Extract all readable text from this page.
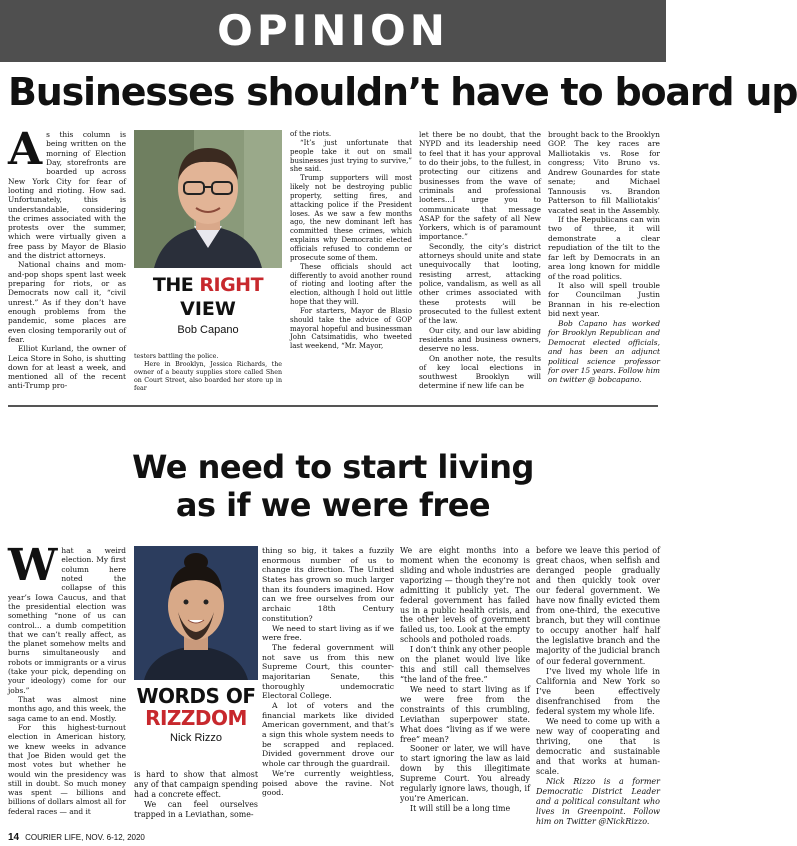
OPINION
Businesses shouldn’t have to board up

As this column is being written on the morning of Election Day, storefronts are boarded up across New York City for fear of looting and rioting. How sad. Unfortunately, this is understandable, considering the crimes associated with the protests over the summer, which were virtually given a free pass by Mayor de Blasio and the district attorneys.

National chains and mom-and-pop shops spent last week preparing for riots, or as Democrats now call it, “civil unrest.” As if they don’t have enough problems from the pandemic, some places are even closing temporarily out of fear.

Elliot Kurland, the owner of Leica Store in Soho, is shutting down for at least a week, and mentioned all of the recent anti-Trump pro-

THE RIGHT
VIEW
Bob Capano

of the riots.

“It’s just unfortunate that people take it out on small businesses just trying to survive,” she said.

Trump supporters will most likely not be destroying public property, setting fires, and attacking police if the President loses. As we saw a few months ago, the new dominant left has committed these crimes, which explains why Democratic elected officials refused to condemn or prosecute some of them.

These officials should act differently to avoid another round of rioting and looting after the election, although I hold out little hope that they will.

For starters, Mayor de Blasio should take the advice of GOP mayoral hopeful and businessman John Catsimatidis, who tweeted last weekend, “Mr. Mayor,

let there be no doubt, that the NYPD and its leadership need to feel that it has your approval to do their jobs, to the fullest, in protecting our citizens and businesses from the wave of criminals and professional looters…I urge you to communicate that message ASAP for the safety of all New Yorkers, which is of paramount importance.”

Secondly, the city’s district attorneys should unite and state unequivocally that looting, resisting arrest, attacking police, vandalism, as well as all other crimes associated with these protests will be prosecuted to the fullest extent of the law.

Our city, and our law abiding residents and business owners, deserve no less.

On another note, the results of key local elections in southwest Brooklyn will determine if new life can be

brought back to the Brooklyn GOP. The key races are Malliotakis vs. Rose for congress; Vito Bruno vs. Andrew Gounardes for state senate; and Michael Tannousis vs. Brandon Patterson to fill Malliotakis’ vacated seat in the Assembly.

If the Republicans can win two of three, it will demonstrate a clear repudiation of the tilt to the far left by Democrats in an area long known for middle of the road politics.

It also will spell trouble for Councilman Justin Brannan in his re-election bid next year.

Bob Capano has worked for Brooklyn Republican and Democrat elected officials, and has been an adjunct political science professor for over 15 years. Follow him on twitter @ bobcapano.

testers battling the police.

Here in Brooklyn, Jessica Richards, the owner of a beauty supplies store called Shen on Court Street, also boarded her store up in fear

We need to start living
as if we were free

What a weird election. My first column here noted the collapse of this year’s Iowa Caucus, and that the presidential election was something “none of us can control... a dumb competition that we can’t really affect, as the planet somehow melts and burns simultaneously and robots or immigrants or a virus (take your pick, depending on your ideology) come for our jobs.”

That was almost nine months ago, and this week, the saga came to an end. Mostly.

For this highest-turnout election in American history, we knew weeks in advance that Joe Biden would get the most votes but whether he would win the presidency was still in doubt. So much money was spent — billions and billions of dollars almost all for federal races — and it

WORDS OF
RIZZDOM
Nick Rizzo

thing so big, it takes a fuzzily enormous number of us to change its direction. The United States has grown so much larger than its founders imagined. How can we free ourselves from our archaic 18th Century constitution?

We need to start living as if we were free.

The federal government will not save us from this new Supreme Court, this counter-majoritarian Senate, this thoroughly undemocratic Electoral College.

A lot of voters and the financial markets like divided American government, and that’s a sign this whole system needs to be scrapped and replaced. Divided government drove our whole car through the guardrail.

We’re currently weightless, poised above the ravine. Not good.

We are eight months into a moment when the economy is sliding and whole industries are vaporizing — though they’re not admitting it publicly yet. The federal government has failed us in a public health crisis, and the other levels of government failed us, too. Look at the empty schools and potholed roads.

I don’t think any other people on the planet would live like this and still call themselves “the land of the free.”

We need to start living as if we were free from the constraints of this crumbling, Leviathan superpower state. What does “living as if we were free” mean?

Sooner or later, we will have to start ignoring the law as laid down by this illegitimate Supreme Court. You already regularly ignore laws, though, if you’re American.

It will still be a long time

before we leave this period of great chaos, when selfish and deranged people gradually and then quickly took over our federal government. We have now finally evicted them from one-third, the executive branch, but they will continue to occupy another half half the legislative branch and the majority of the judicial branch of our federal government.

I’ve lived my whole life in California and New York so I’ve been effectively disenfranchised from the federal system my whole life.

We need to come up with a new way of cooperating and thriving, one that is democratic and sustainable and that works at human-scale.

Nick Rizzo is a former Democratic District Leader and a political consultant who lives in Greenpoint. Follow him on Twitter @NickRizzo.

is hard to show that almost any of that campaign spending had a concrete effect.

We can feel ourselves trapped in a Leviathan, some-

14 COURIER LIFE, NOV. 6-12, 2020
